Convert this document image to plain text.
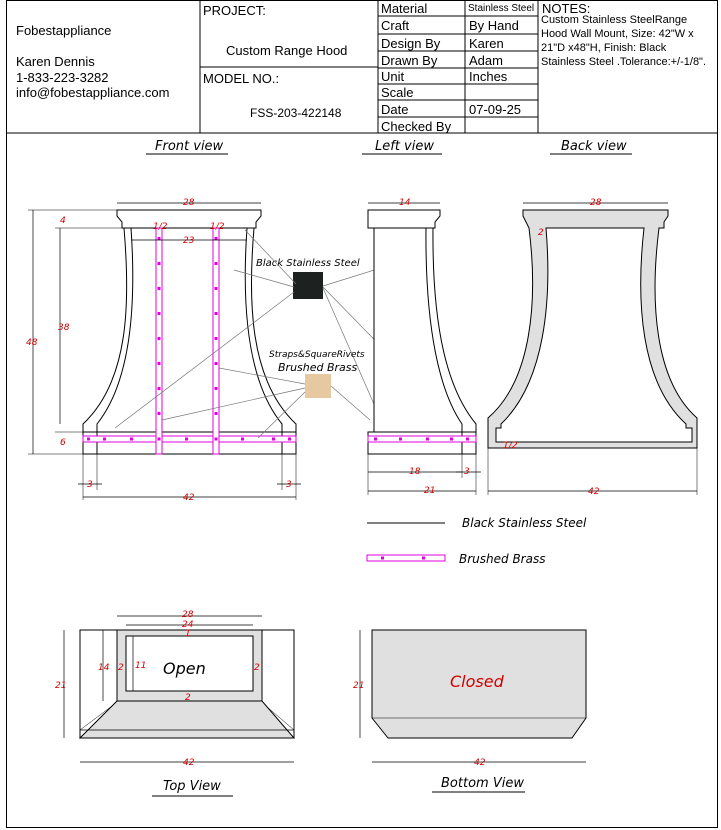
Fobestappliance
Karen Dennis
1-833-223-3282
info@fobestappliance.com
PROJECT:
Custom Range Hood
MODEL NO.:
FSS-203-422148
Material	Stainless Steel
Craft	By Hand
Design By Karen
Drawn By Adam
Unit	Inches
Scale
Date	07-09-25
Checked By
NOTES:
Custom Stainless SteelRange
Hood Wall Mount, Size: 42"W x
21"D x48"H, Finish: Black
Stainless Steel .Tolerance:+/-1/8".
Front view	Left view	Back view
28
23
1/2	1/2
4
38
48
6
3	3
42
Black Stainless Steel
Straps&SquareRivets
Brushed Brass
14
18	3
21
28
2
1/2
42
Black Stainless Steel
Brushed Brass
Open
28
24
1
14 2 11	2
2
21
42
Closed
21
42
Top View	Bottom View
